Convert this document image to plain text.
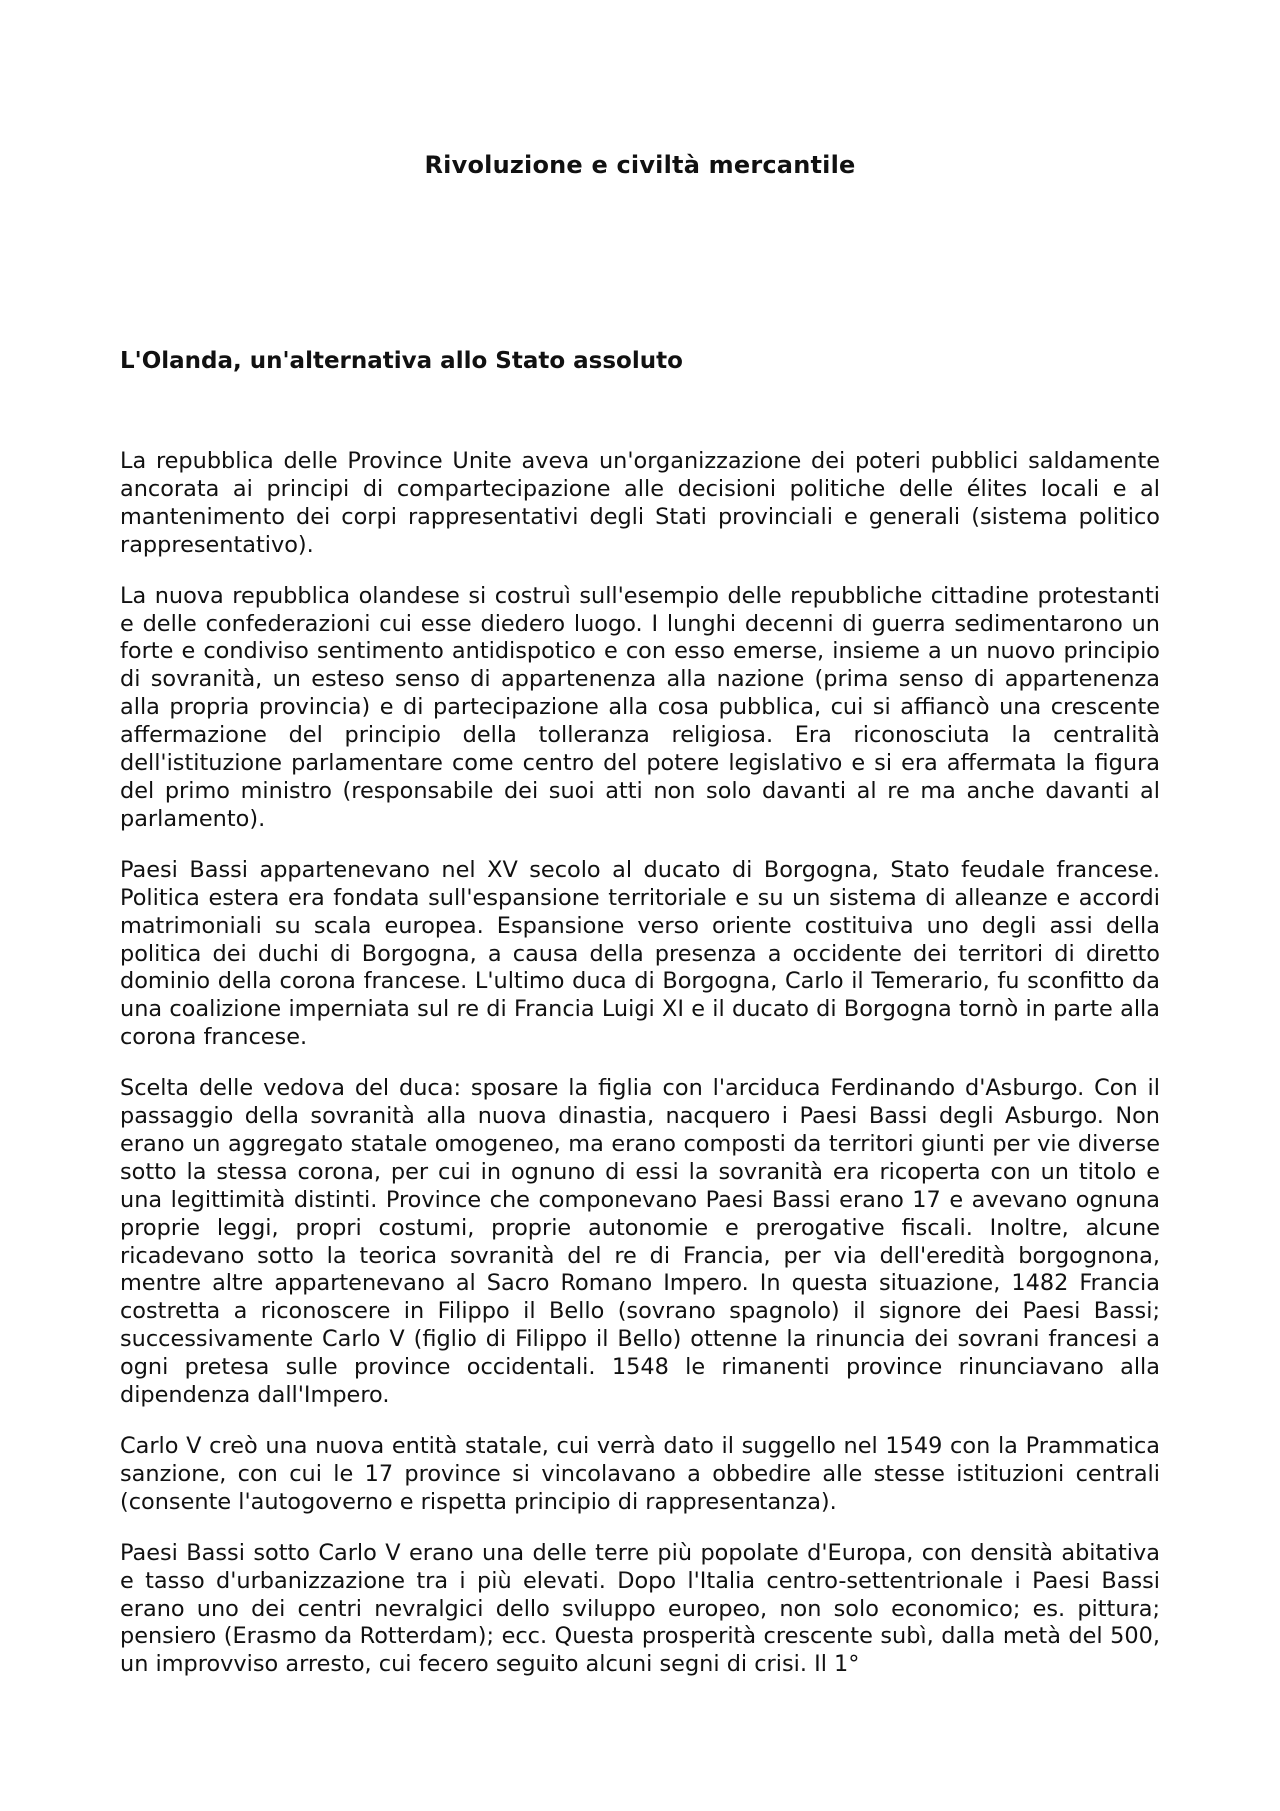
Rivoluzione e civiltà mercantile
L'Olanda, un'alternativa allo Stato assoluto

La repubblica delle Province Unite aveva un'organizzazione dei poteri pubblici saldamente ancorata ai principi di compartecipazione alle decisioni politiche delle élites locali e al mantenimento dei corpi rappresentativi degli Stati provinciali e generali (sistema politico rappresentativo).

La nuova repubblica olandese si costruì sull'esempio delle repubbliche cittadine protestanti e delle confederazioni cui esse diedero luogo. I lunghi decenni di guerra sedimentarono un forte e condiviso sentimento antidispotico e con esso emerse, insieme a un nuovo principio di sovranità, un esteso senso di appartenenza alla nazione (prima senso di appartenenza alla propria provincia) e di partecipazione alla cosa pubblica, cui si affiancò una crescente affermazione del principio della tolleranza religiosa. Era riconosciuta la centralità dell'istituzione parlamentare come centro del potere legislativo e si era affermata la figura del primo ministro (responsabile dei suoi atti non solo davanti al re ma anche davanti al parlamento).

Paesi Bassi appartenevano nel XV secolo al ducato di Borgogna, Stato feudale francese. Politica estera era fondata sull'espansione territoriale e su un sistema di alleanze e accordi matrimoniali su scala europea. Espansione verso oriente costituiva uno degli assi della politica dei duchi di Borgogna, a causa della presenza a occidente dei territori di diretto dominio della corona francese. L'ultimo duca di Borgogna, Carlo il Temerario, fu sconfitto da una coalizione imperniata sul re di Francia Luigi XI e il ducato di Borgogna tornò in parte alla corona francese.

Scelta delle vedova del duca: sposare la figlia con l'arciduca Ferdinando d'Asburgo. Con il passaggio della sovranità alla nuova dinastia, nacquero i Paesi Bassi degli Asburgo. Non erano un aggregato statale omogeneo, ma erano composti da territori giunti per vie diverse sotto la stessa corona, per cui in ognuno di essi la sovranità era ricoperta con un titolo e una legittimità distinti. Province che componevano Paesi Bassi erano 17 e avevano ognuna proprie leggi, propri costumi, proprie autonomie e prerogative fiscali. Inoltre, alcune ricadevano sotto la teorica sovranità del re di Francia, per via dell'eredità borgognona, mentre altre appartenevano al Sacro Romano Impero. In questa situazione, 1482 Francia costretta a riconoscere in Filippo il Bello (sovrano spagnolo) il signore dei Paesi Bassi; successivamente Carlo V (figlio di Filippo il Bello) ottenne la rinuncia dei sovrani francesi a ogni pretesa sulle province occidentali. 1548 le rimanenti province rinunciavano alla dipendenza dall'Impero.

Carlo V creò una nuova entità statale, cui verrà dato il suggello nel 1549 con la Prammatica sanzione, con cui le 17 province si vincolavano a obbedire alle stesse istituzioni centrali (consente l'autogoverno e rispetta principio di rappresentanza).

Paesi Bassi sotto Carlo V erano una delle terre più popolate d'Europa, con densità abitativa e tasso d'urbanizzazione tra i più elevati. Dopo l'Italia centro-settentrionale i Paesi Bassi erano uno dei centri nevralgici dello sviluppo europeo, non solo economico; es. pittura; pensiero (Erasmo da Rotterdam); ecc. Questa prosperità crescente subì, dalla metà del 500, un improvviso arresto, cui fecero seguito alcuni segni di crisi. Il 1°
